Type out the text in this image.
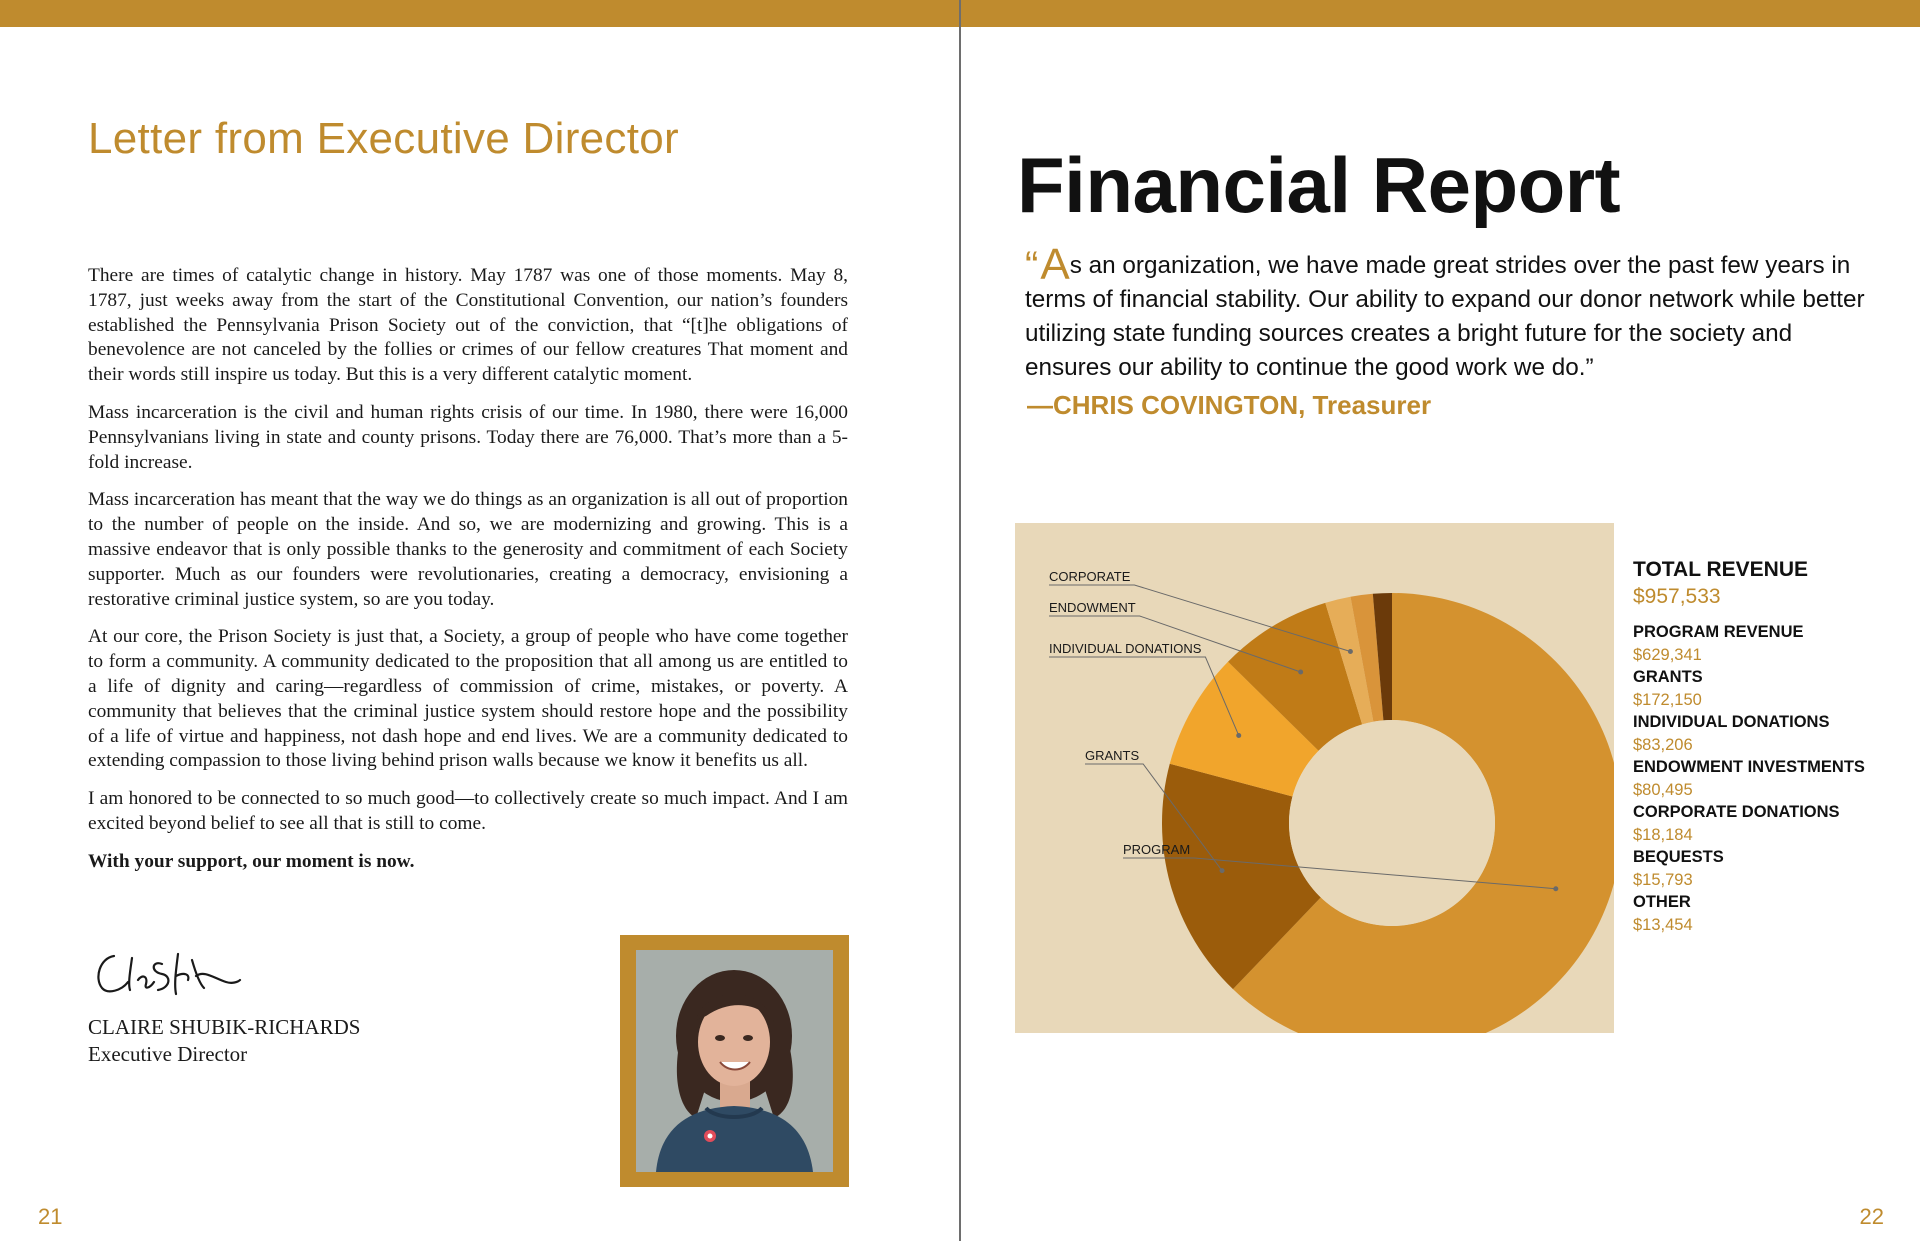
Letter from Executive Director

There are times of catalytic change in history. May 1787 was one of those moments. May 8, 1787, just weeks away from the start of the Constitutional Convention, our nation’s founders established the Pennsylvania Prison Society out of the conviction, that “[t]he obligations of benevolence are not canceled by the follies or crimes of our fellow creatures That moment and their words still inspire us today. But this is a very different catalytic moment.

Mass incarceration is the civil and human rights crisis of our time. In 1980, there were 16,000 Pennsylvanians living in state and county prisons. Today there are 76,000. That’s more than a 5-fold increase.

Mass incarceration has meant that the way we do things as an organization is all out of proportion to the number of people on the inside. And so, we are modernizing and growing. This is a massive endeavor that is only possible thanks to the generosity and commitment of each Society supporter. Much as our founders were revolutionaries, creating a democracy, envisioning a restorative criminal justice system, so are you today.

At our core, the Prison Society is just that, a Society, a group of people who have come together to form a community. A community dedicated to the proposition that all among us are entitled to a life of dignity and caring—regardless of commission of crime, mistakes, or poverty. A community that believes that the criminal justice system should restore hope and the possibility of a life of virtue and happiness, not dash hope and end lives. We are a community dedicated to extending compassion to those living behind prison walls because we know it benefits us all.

I am honored to be connected to so much good—to collectively create so much impact. And I am excited beyond belief to see all that is still to come.

With your support, our moment is now.

CLAIRE SHUBIK-RICHARDS
Executive Director
21
Financial Report
“As an organization, we have made great strides over the past few years in terms of financial stability. Our ability to expand our donor network while better utilizing state funding sources creates a bright future for the society and ensures our ability to continue the good work we do.”
—CHRIS COVINGTON, Treasurer
CORPORATE
ENDOWMENT
INDIVIDUAL DONATIONS
GRANTS
PROGRAM
TOTAL REVENUE
$957,533
PROGRAM REVENUE
$629,341
GRANTS
$172,150
INDIVIDUAL DONATIONS
$83,206
ENDOWMENT INVESTMENTS
$80,495
CORPORATE DONATIONS
$18,184
BEQUESTS
$15,793
OTHER
$13,454
22
